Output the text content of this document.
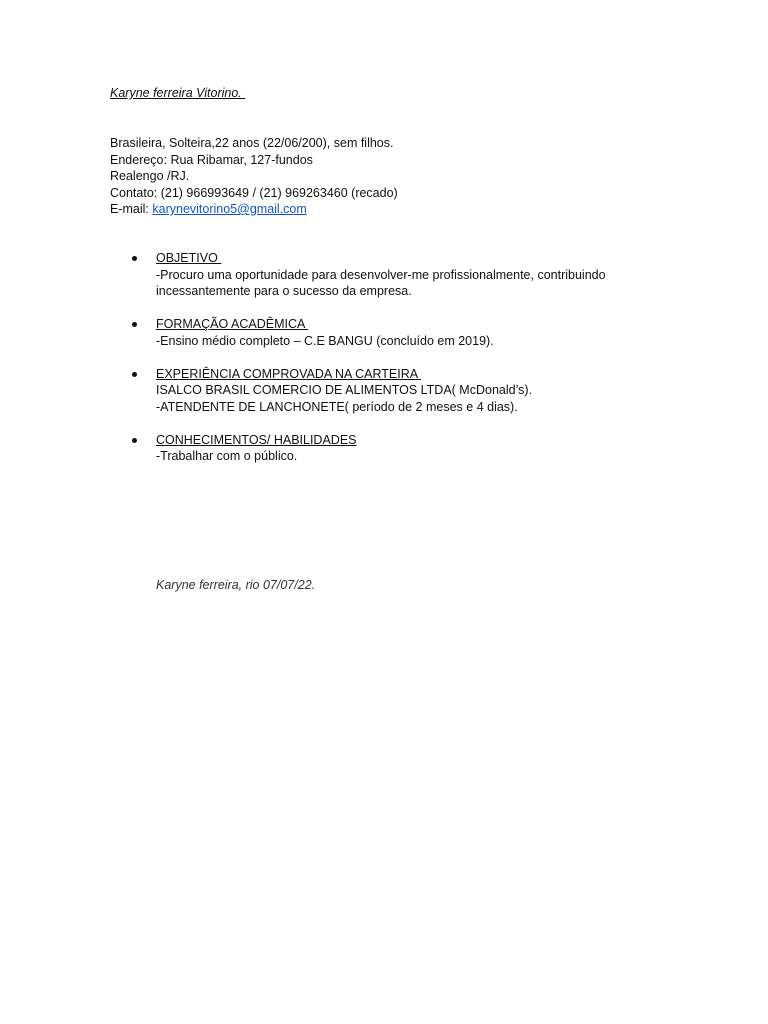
Karyne ferreira Vitorino.
Brasileira, Solteira,22 anos (22/06/200), sem filhos.
Endereço: Rua Ribamar, 127-fundos
Realengo /RJ.
Contato: (21) 966993649 / (21) 969263460 (recado)
E-mail: karynevitorino5@gmail.com
OBJETIVO
-Procuro uma oportunidade para desenvolver-me profissionalmente, contribuindo incessantemente para o sucesso da empresa.
FORMAÇÃO ACADÊMICA
-Ensino médio completo – C.E BANGU (concluído em 2019).
EXPERIÊNCIA COMPROVADA NA CARTEIRA
ISALCO BRASIL COMERCIO DE ALIMENTOS LTDA( McDonald’s).
-ATENDENTE DE LANCHONETE( período de 2 meses e 4 dias).
CONHECIMENTOS/ HABILIDADES
-Trabalhar com o público.
Karyne ferreira, rio 07/07/22.
